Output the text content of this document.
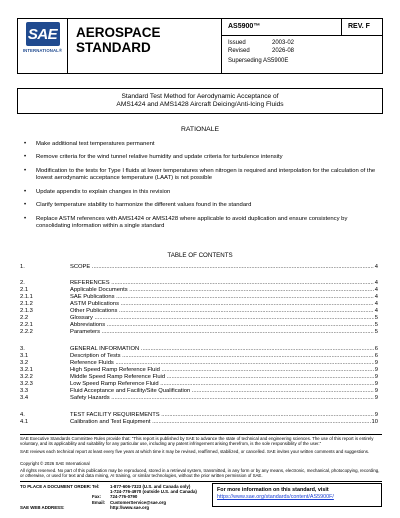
SAE
INTERNATIONAL®
AEROSPACE
STANDARD
AS5900™	REV. F
Issued	2003-02
Revised	2026-08
Superseding AS5900E
Standard Test Method for Aerodynamic Acceptance of
AMS1424 and AMS1428 Aircraft Deicing/Anti-Icing Fluids
RATIONALE
•	Make additional test temperatures permanent
•	Remove criteria for the wind tunnel relative humidity and update criteria for turbulence intensity
•	Modification to the tests for Type I fluids at lower temperatures when nitrogen is required and interpolation for the calculation of the lowest aerodynamic acceptance temperature (LAAT) is not possible
•	Update appendix to explain changes in this revision
•	Clarify temperature stability to harmonize the different values found in the standard
•	Replace ASTM references with AMS1424 or AMS1428 where applicable to avoid duplication and ensure consistency by consolidating information within a single standard
TABLE OF CONTENTS
1.	SCOPE .....	4
2.	REFERENCES .....	4
2.1	Applicable Documents .....	4
2.1.1	SAE Publications .....	4
2.1.2	ASTM Publications .....	4
2.1.3	Other Publications .....	4
2.2	Glossary .....	5
2.2.1	Abbreviations .....	5
2.2.2	Parameters .....	5
3.	GENERAL INFORMATION .....	6
3.1	Description of Tests .....	6
3.2	Reference Fluids .....	9
3.2.1	High Speed Ramp Reference Fluid .....	9
3.2.2	Middle Speed Ramp Reference Fluid .....	9
3.2.3	Low Speed Ramp Reference Fluid .....	9
3.3	Fluid Acceptance and Facility/Site Qualification .....	9
3.4	Safety Hazards .....	9
4.	TEST FACILITY REQUIREMENTS .....	9
4.1	Calibration and Test Equipment .....	10
SAE Executive Standards Committee Rules provide that: "This report is published by SAE to advance the state of technical and engineering sciences. The use of this report is entirely voluntary, and its applicability and suitability for any particular use, including any patent infringement arising therefrom, is the sole responsibility of the user."
SAE reviews each technical report at least every five years at which time it may be revised, reaffirmed, stabilized, or cancelled. SAE invites your written comments and suggestions.
Copyright © 2026 SAE International
All rights reserved. No part of this publication may be reproduced, stored in a retrieval system, transmitted, in any form or by any means, electronic, mechanical, photocopying, recording, or otherwise, or used for text and data mining, AI training, or similar technologies, without the prior written permission of SAE.
TO PLACE A DOCUMENT ORDER: Tel:	1-877-606-7323 (U.S. and Canada only)
1-724-776-4970 (outside U.S. and Canada)
Fax:	724-776-0790
Email:	CustomerService@sae.org
SAE WEB ADDRESS:	http://www.sae.org
For more information on this standard, visit
https://www.sae.org/standards/content/AS5900F/
